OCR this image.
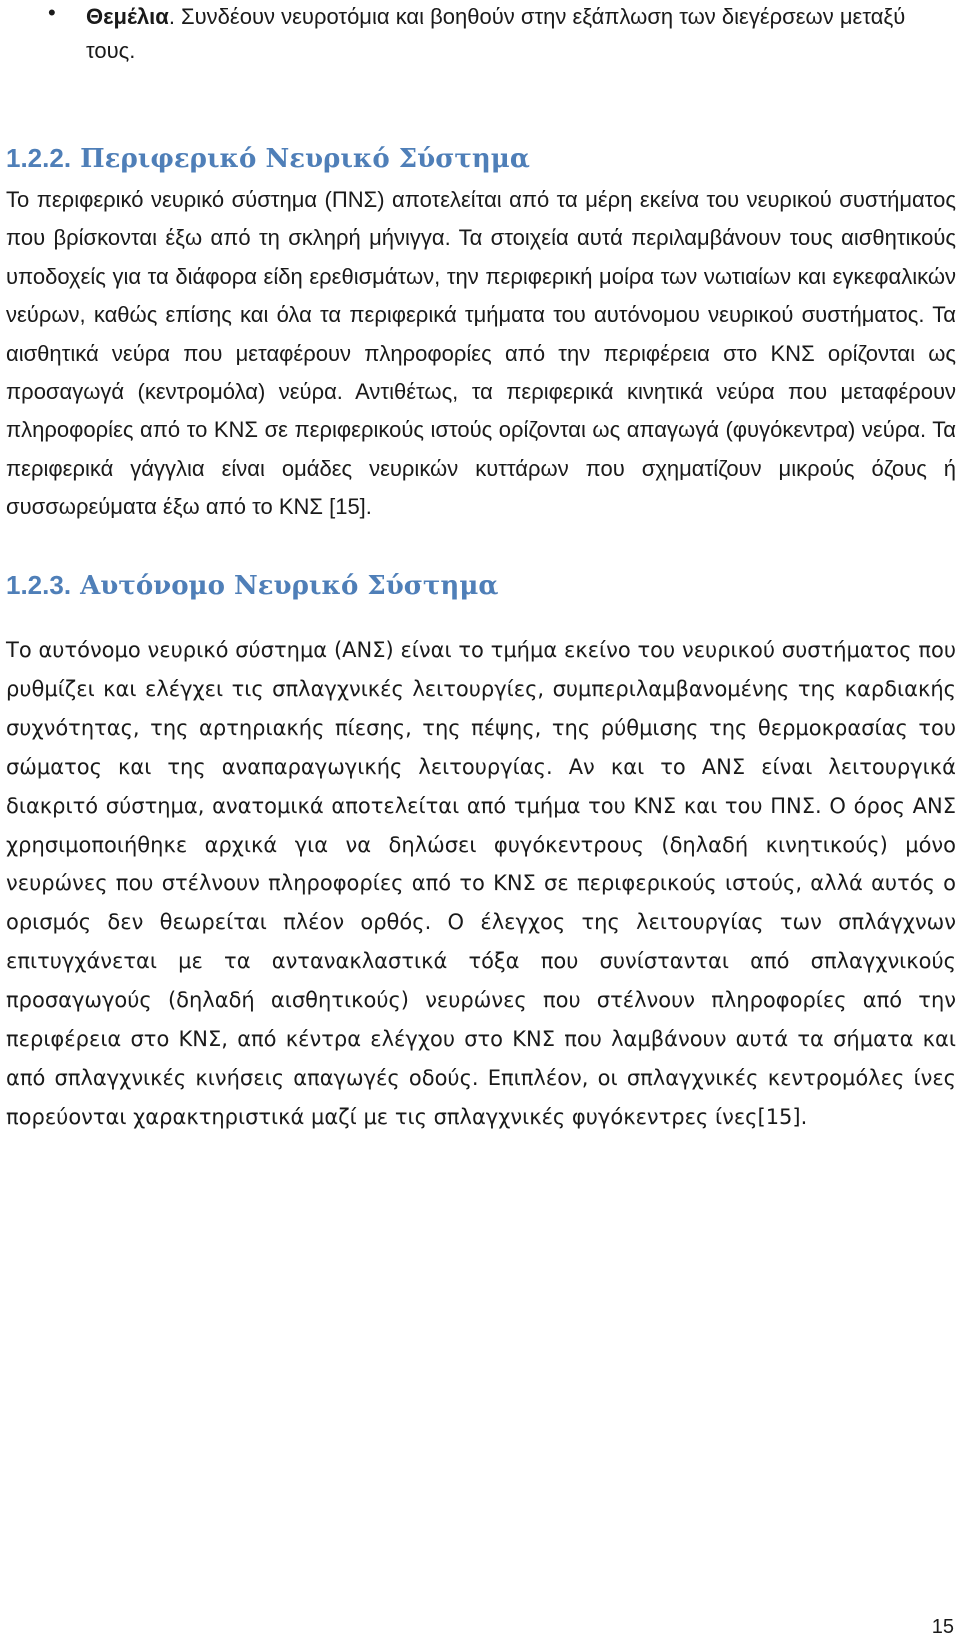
• Θεμέλια. Συνδέουν νευροτόμια και βοηθούν στην εξάπλωση των διεγέρσεων μεταξύ τους.
1.2.2. Περιφερικό Νευρικό Σύστημα

Το περιφερικό νευρικό σύστημα (ΠΝΣ) αποτελείται από τα μέρη εκείνα του νευρικού συστήματος που βρίσκονται έξω από τη σκληρή μήνιγγα. Τα στοιχεία αυτά περιλαμβάνουν τους αισθητικούς υποδοχείς για τα διάφορα είδη ερεθισμάτων, την περιφερική μοίρα των νωτιαίων και εγκεφαλικών νεύρων, καθώς επίσης και όλα τα περιφερικά τμήματα του αυτόνομου νευρικού συστήματος. Τα αισθητικά νεύρα που μεταφέρουν πληροφορίες από την περιφέρεια στο ΚΝΣ ορίζονται ως προσαγωγά (κεντρομόλα) νεύρα. Αντιθέτως, τα περιφερικά κινητικά νεύρα που μεταφέρουν πληροφορίες από το ΚΝΣ σε περιφερικούς ιστούς ορίζονται ως απαγωγά (φυγόκεντρα) νεύρα. Τα περιφερικά γάγγλια είναι ομάδες νευρικών κυττάρων που σχηματίζουν μικρούς όζους ή συσσωρεύματα έξω από το ΚΝΣ [15].

1.2.3. Αυτόνομο Νευρικό Σύστημα

Το αυτόνομο νευρικό σύστημα (ΑΝΣ) είναι το τμήμα εκείνο του νευρικού συστήματος που ρυθμίζει και ελέγχει τις σπλαγχνικές λειτουργίες, συμπεριλαμβανομένης της καρδιακής συχνότητας, της αρτηριακής πίεσης, της πέψης, της ρύθμισης της θερμοκρασίας του σώματος και της αναπαραγωγικής λειτουργίας. Αν και το ΑΝΣ είναι λειτουργικά διακριτό σύστημα, ανατομικά αποτελείται από τμήμα του ΚΝΣ και του ΠΝΣ. Ο όρος ΑΝΣ χρησιμοποιήθηκε αρχικά για να δηλώσει φυγόκεντρους (δηλαδή κινητικούς) μόνο νευρώνες που στέλνουν πληροφορίες από το ΚΝΣ σε περιφερικούς ιστούς, αλλά αυτός ο ορισμός δεν θεωρείται πλέον ορθός. Ο έλεγχος της λειτουργίας των σπλάγχνων επιτυγχάνεται με τα αντανακλαστικά τόξα που συνίστανται από σπλαγχνικούς προσαγωγούς (δηλαδή αισθητικούς) νευρώνες που στέλνουν πληροφορίες από την περιφέρεια στο ΚΝΣ, από κέντρα ελέγχου στο ΚΝΣ που λαμβάνουν αυτά τα σήματα και από σπλαγχνικές κινήσεις απαγωγές οδούς. Επιπλέον, οι σπλαγχνικές κεντρομόλες ίνες πορεύονται χαρακτηριστικά μαζί με τις σπλαγχνικές φυγόκεντρες ίνες[15].

15
